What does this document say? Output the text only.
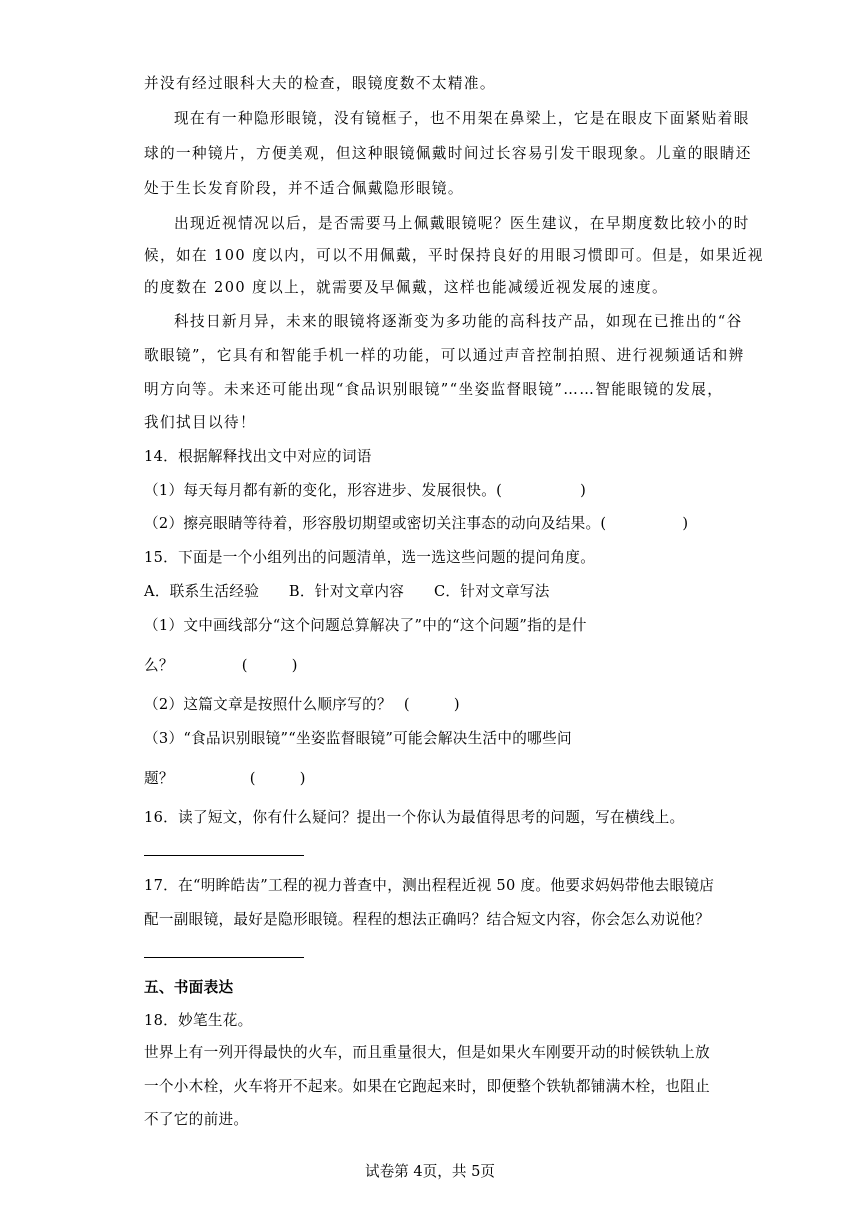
并没有经过眼科大夫的检查，眼镜度数不太精准。
现在有一种隐形眼镜，没有镜框子，也不用架在鼻梁上，它是在眼皮下面紧贴着眼
球的一种镜片，方便美观，但这种眼镜佩戴时间过长容易引发干眼现象。儿童的眼睛还
处于生长发育阶段，并不适合佩戴隐形眼镜。
出现近视情况以后，是否需要马上佩戴眼镜呢？医生建议，在早期度数比较小的时
候，如在 100 度以内，可以不用佩戴，平时保持良好的用眼习惯即可。但是，如果近视
的度数在 200 度以上，就需要及早佩戴，这样也能减缓近视发展的速度。
科技日新月异，未来的眼镜将逐渐变为多功能的高科技产品，如现在已推出的“谷
歌眼镜”，它具有和智能手机一样的功能，可以通过声音控制拍照、进行视频通话和辨
明方向等。未来还可能出现“食品识别眼镜”“坐姿监督眼镜”……智能眼镜的发展，
我们拭目以待！
14．根据解释找出文中对应的词语
（1）每天每月都有新的变化，形容进步、发展很快。(	)
（2）擦亮眼睛等待着，形容殷切期望或密切关注事态的动向及结果。(	)
15．下面是一个小组列出的问题清单，选一选这些问题的提问角度。
A．联系生活经验　　B．针对文章内容　　C．针对文章写法
（1）文中画线部分“这个问题总算解决了”中的“这个问题”指的是什
么？	(	)
（2）这篇文章是按照什么顺序写的？ (	)
（3）“食品识别眼镜”“坐姿监督眼镜”可能会解决生活中的哪些问
题？	(	)
16．读了短文，你有什么疑问？提出一个你认为最值得思考的问题，写在横线上。
17．在“明眸皓齿”工程的视力普查中，测出程程近视 50 度。他要求妈妈带他去眼镜店
配一副眼镜，最好是隐形眼镜。程程的想法正确吗？结合短文内容，你会怎么劝说他？
五、书面表达
18．妙笔生花。
世界上有一列开得最快的火车，而且重量很大，但是如果火车刚要开动的时候铁轨上放
一个小木栓，火车将开不起来。如果在它跑起来时，即便整个铁轨都铺满木栓，也阻止
不了它的前进。
试卷第 4页，共 5页
